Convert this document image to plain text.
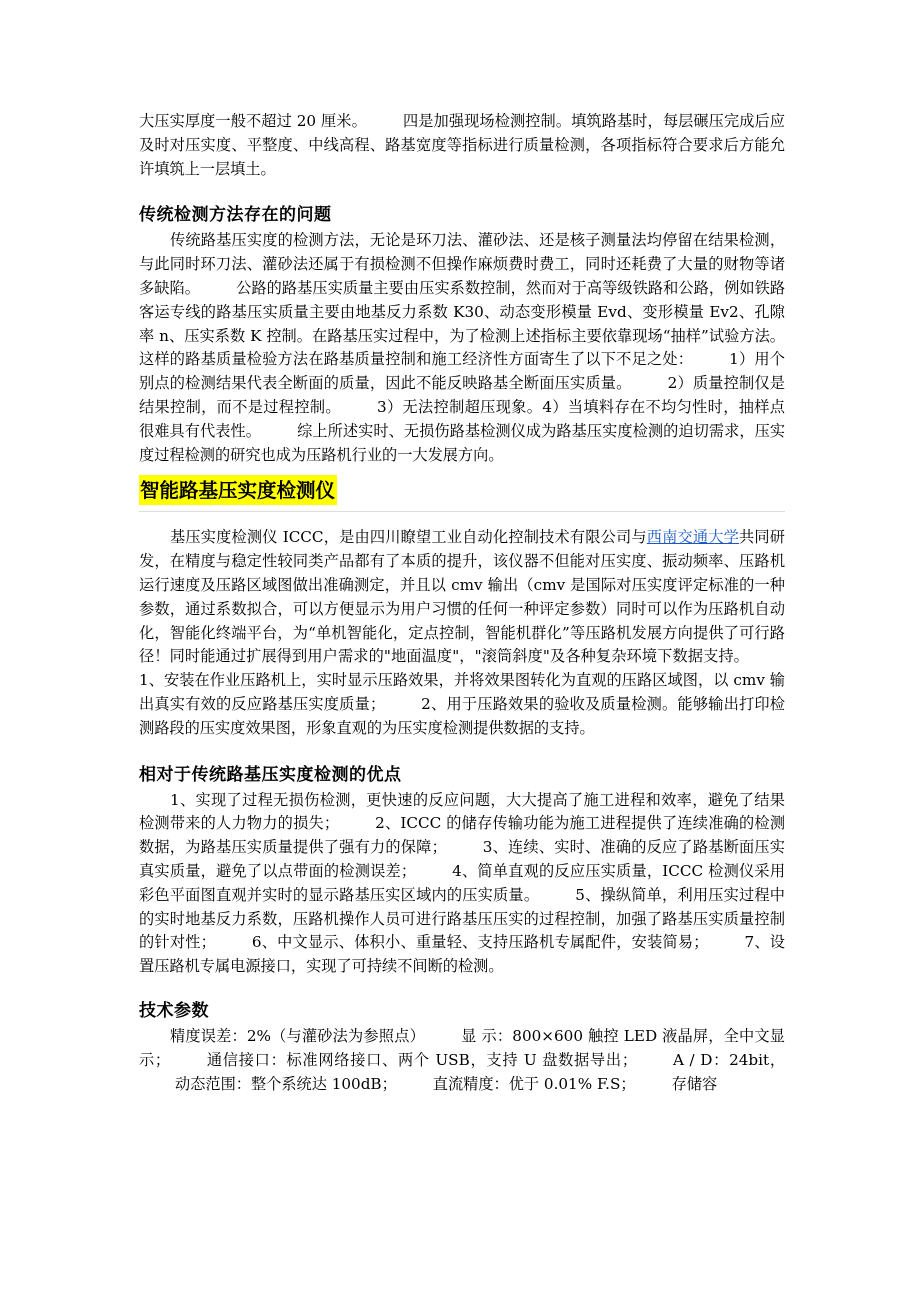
大压实厚度一般不超过 20 厘米。 四是加强现场检测控制。填筑路基时，每层碾压完成后应及时对压实度、平整度、中线高程、路基宽度等指标进行质量检测，各项指标符合要求后方能允许填筑上一层填土。

传统检测方法存在的问题

传统路基压实度的检测方法，无论是环刀法、灌砂法、还是核子测量法均停留在结果检测，与此同时环刀法、灌砂法还属于有损检测不但操作麻烦费时费工，同时还耗费了大量的财物等诸多缺陷。 公路的路基压实质量主要由压实系数控制，然而对于高等级铁路和公路，例如铁路客运专线的路基压实质量主要由地基反力系数 K30、动态变形模量 Evd、变形模量 Ev2、孔隙率 n、压实系数 K 控制。在路基压实过程中，为了检测上述指标主要依靠现场“抽样”试验方法。这样的路基质量检验方法在路基质量控制和施工经济性方面寄生了以下不足之处： 1）用个别点的检测结果代表全断面的质量，因此不能反映路基全断面压实质量。 2）质量控制仅是结果控制，而不是过程控制。 3）无法控制超压现象。4）当填料存在不均匀性时，抽样点很难具有代表性。 综上所述实时、无损伤路基检测仪成为路基压实度检测的迫切需求，压实度过程检测的研究也成为压路机行业的一大发展方向。

智能路基压实度检测仪

基压实度检测仪 ICCC，是由四川瞭望工业自动化控制技术有限公司与西南交通大学共同研发，在精度与稳定性较同类产品都有了本质的提升，该仪器不但能对压实度、振动频率、压路机运行速度及压路区域图做出准确测定，并且以 cmv 输出（cmv 是国际对压实度评定标准的一种参数，通过系数拟合，可以方便显示为用户习惯的任何一种评定参数）同时可以作为压路机自动化，智能化终端平台，为“单机智能化，定点控制，智能机群化”等压路机发展方向提供了可行路径！同时能通过扩展得到用户需求的"地面温度"，"滚筒斜度"及各种复杂环境下数据支持。1、安装在作业压路机上，实时显示压路效果，并将效果图转化为直观的压路区域图，以 cmv 输出真实有效的反应路基压实度质量； 2、用于压路效果的验收及质量检测。能够输出打印检测路段的压实度效果图，形象直观的为压实度检测提供数据的支持。

相对于传统路基压实度检测的优点

1、实现了过程无损伤检测，更快速的反应问题，大大提高了施工进程和效率，避免了结果检测带来的人力物力的损失； 2、ICCC 的储存传输功能为施工进程提供了连续准确的检测数据，为路基压实质量提供了强有力的保障； 3、连续、实时、准确的反应了路基断面压实真实质量，避免了以点带面的检测误差； 4、简单直观的反应压实质量，ICCC 检测仪采用彩色平面图直观并实时的显示路基压实区域内的压实质量。 5、操纵简单，利用压实过程中的实时地基反力系数，压路机操作人员可进行路基压压实的过程控制，加强了路基压实质量控制的针对性； 6、中文显示、体积小、重量轻、支持压路机专属配件，安装简易； 7、设置压路机专属电源接口，实现了可持续不间断的检测。

技术参数

精度误差：2%（与灌砂法为参照点） 显 示：800×600 触控 LED 液晶屏，全中文显示； 通信接口：标准网络接口、两个 USB，支持 U 盘数据导出； A / D：24bit，动态范围：整个系统达 100dB； 直流精度：优于 0.01% F.S； 存储容
